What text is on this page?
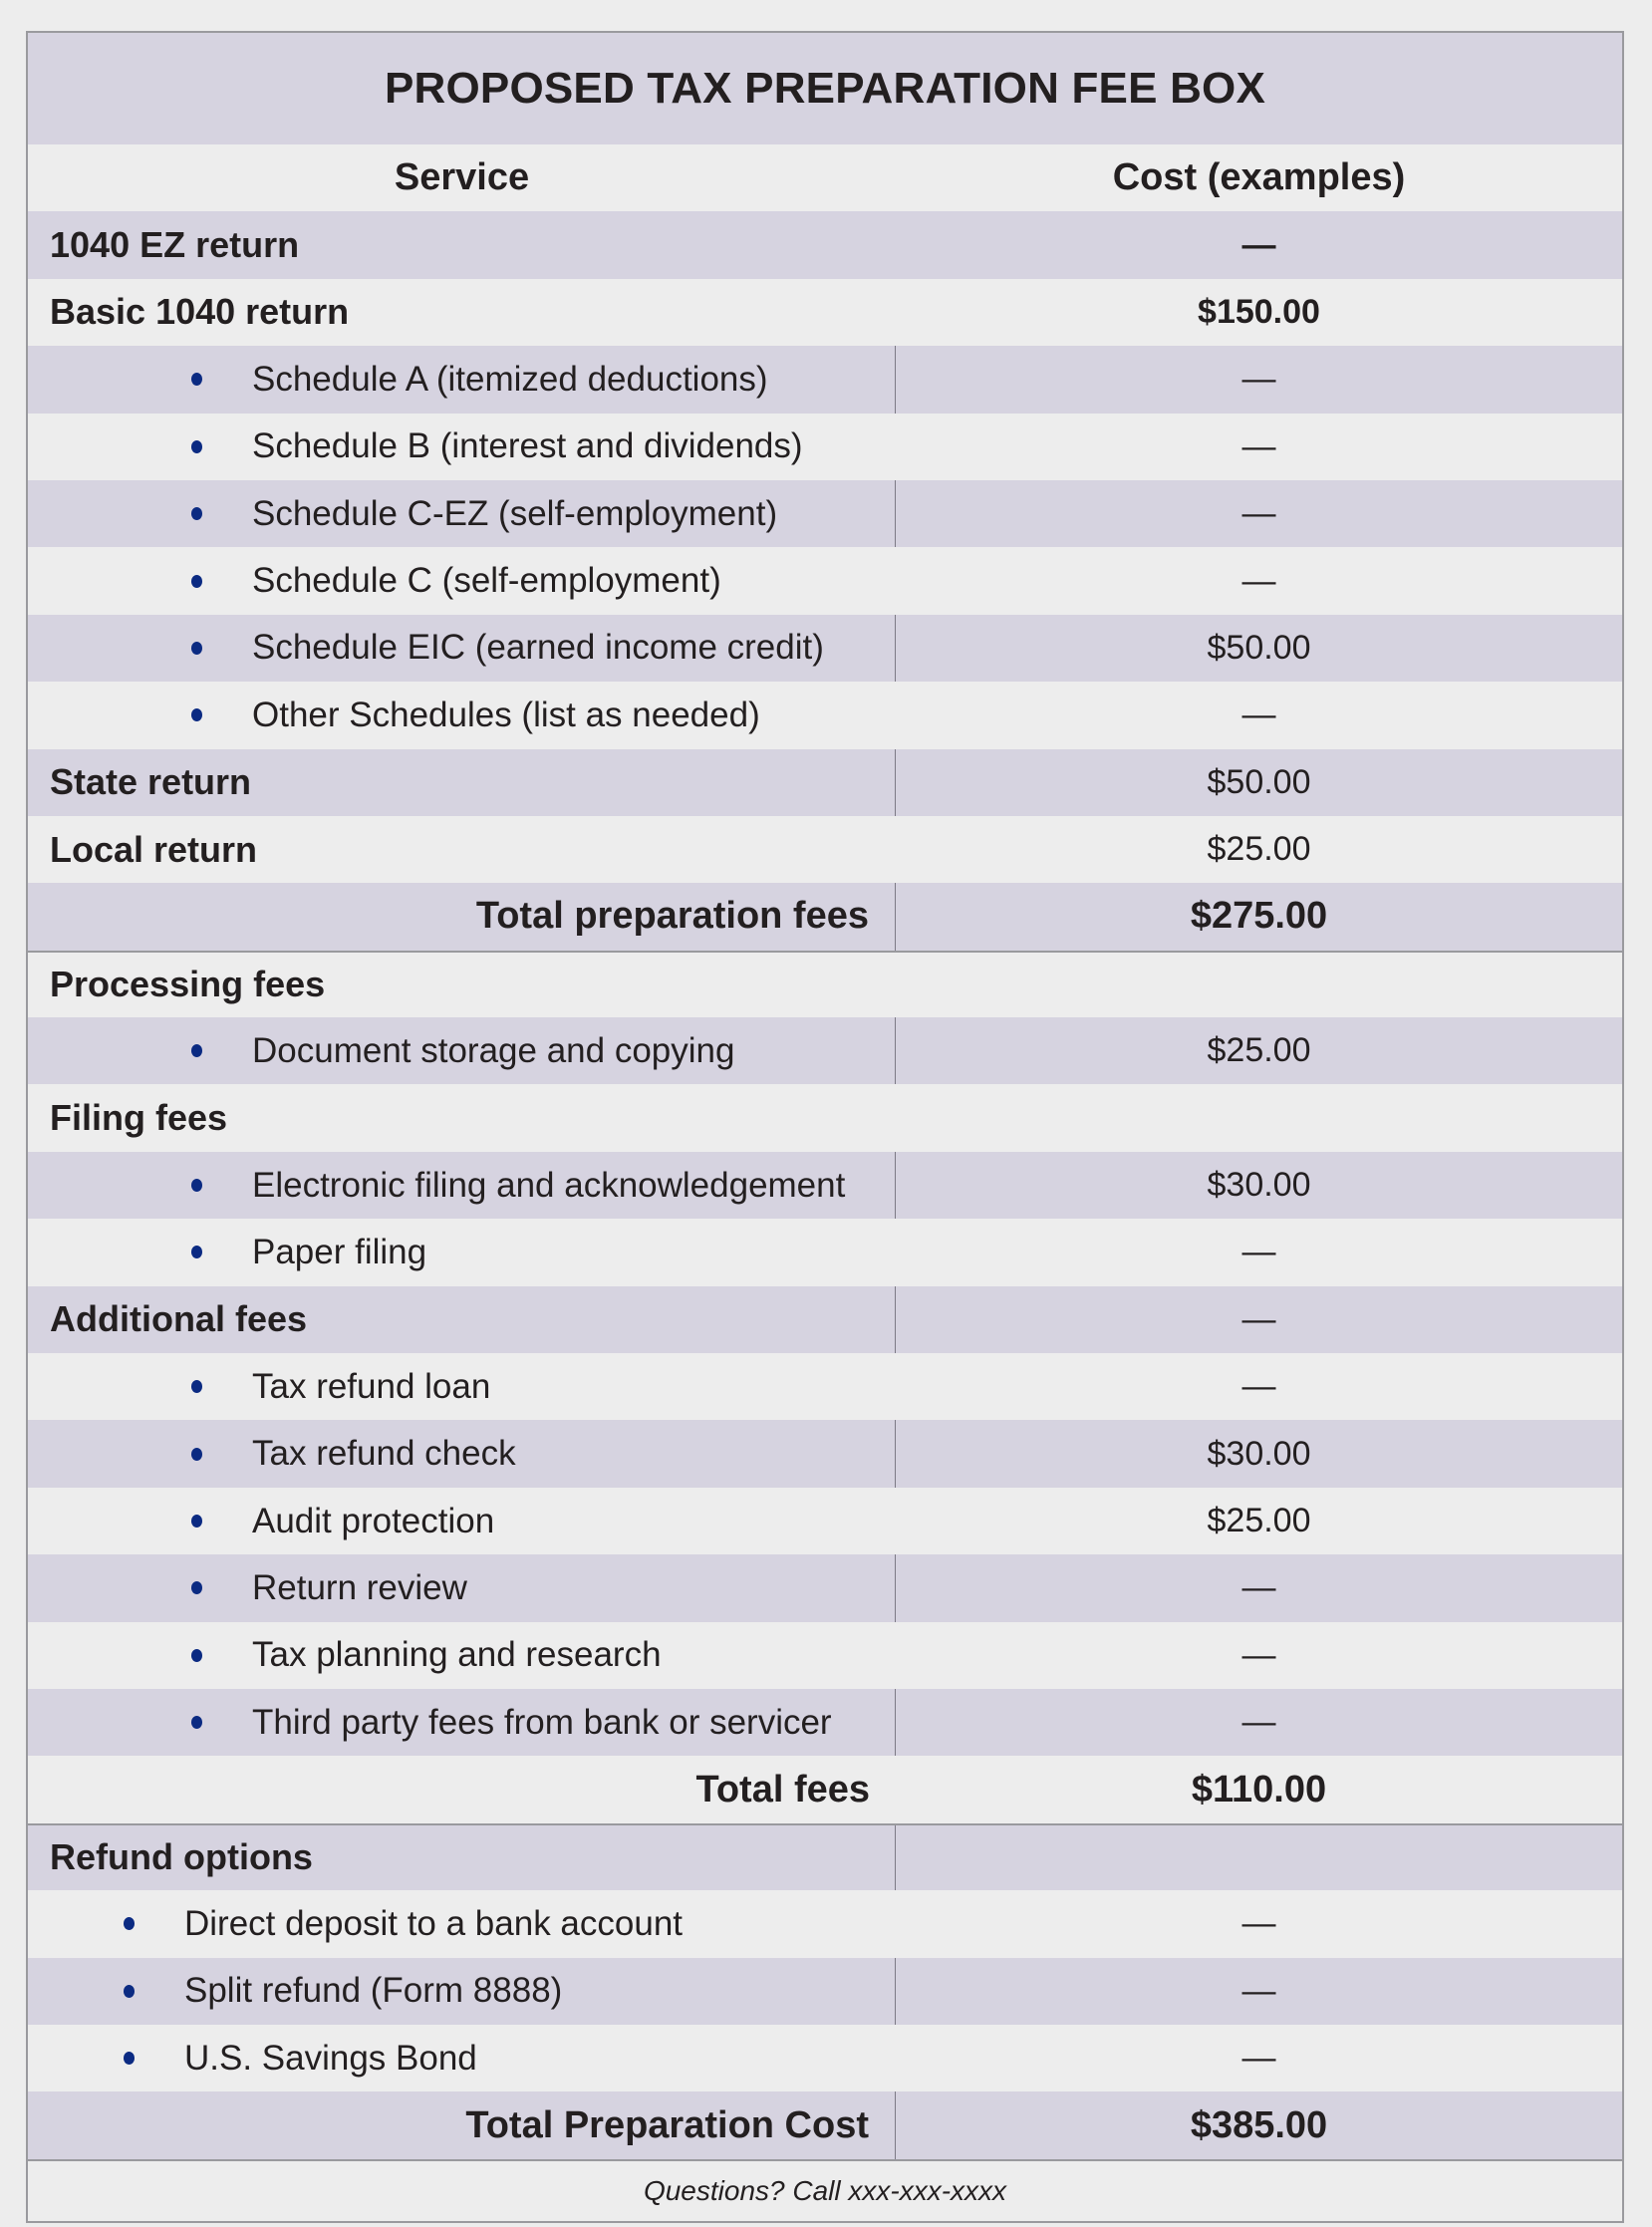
PROPOSED TAX PREPARATION FEE BOX
Service	Cost (examples)
1040 EZ return	—
Basic 1040 return	$150.00
Schedule A (itemized deductions)	—
Schedule B (interest and dividends)	—
Schedule C-EZ (self-employment)	—
Schedule C (self-employment)	—
Schedule EIC (earned income credit)	$50.00
Other Schedules (list as needed)	—
State return	$50.00
Local return	$25.00
Total preparation fees	$275.00
Processing fees
Document storage and copying	$25.00
Filing fees
Electronic filing and acknowledgement	$30.00
Paper filing	—
Additional fees	—
Tax refund loan	—
Tax refund check	$30.00
Audit protection	$25.00
Return review	—
Tax planning and research	—
Third party fees from bank or servicer	—
Total fees	$110.00
Refund options
Direct deposit to a bank account	—
Split refund (Form 8888)	—
U.S. Savings Bond	—
Total Preparation Cost	$385.00
Questions? Call xxx-xxx-xxxx
